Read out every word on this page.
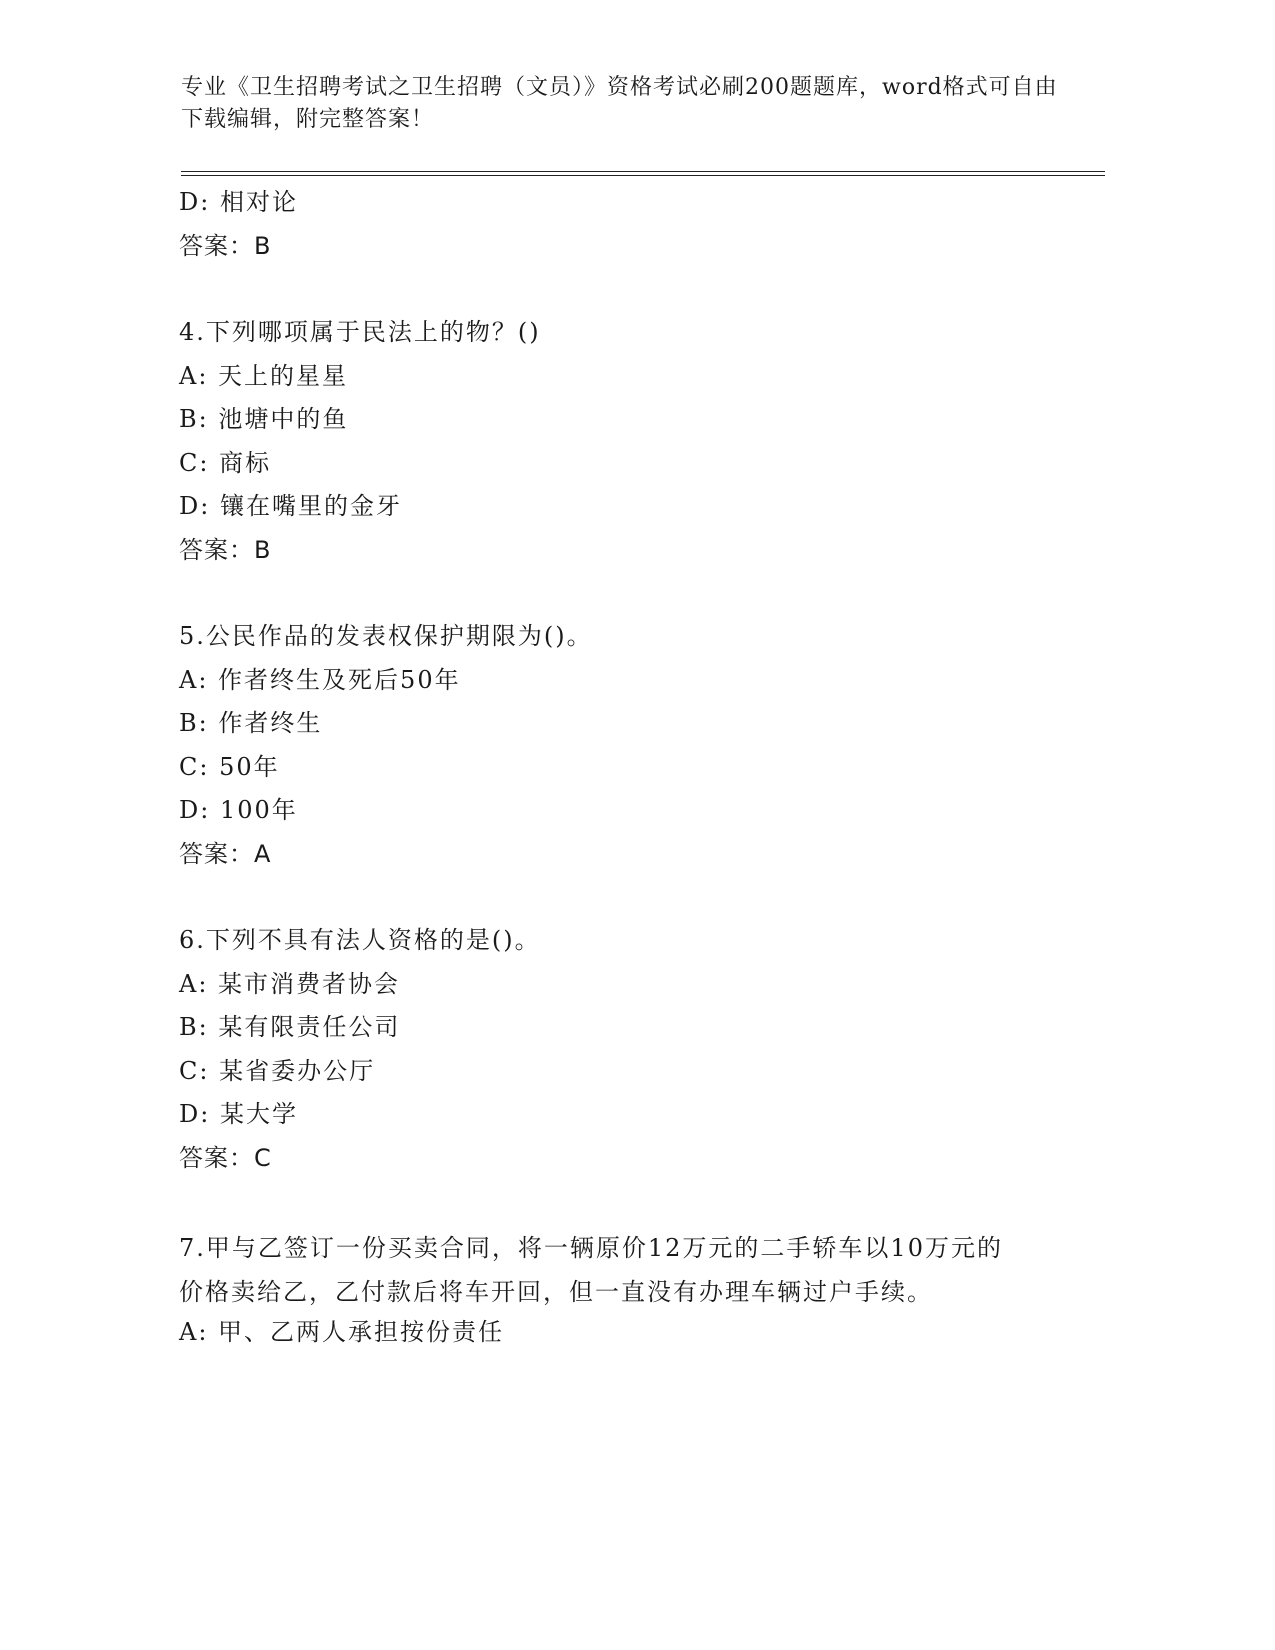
专业《卫生招聘考试之卫生招聘（文员）》资格考试必刷200题题库，word格式可自由下载编辑，附完整答案！
D: 相对论
答案：B
4.下列哪项属于民法上的物？()
A: 天上的星星
B: 池塘中的鱼
C: 商标
D: 镶在嘴里的金牙
答案：B
5.公民作品的发表权保护期限为()。
A: 作者终生及死后50年
B: 作者终生
C: 50年
D: 100年
答案：A
6.下列不具有法人资格的是()。
A: 某市消费者协会
B: 某有限责任公司
C: 某省委办公厅
D: 某大学
答案：C
7.甲与乙签订一份买卖合同，将一辆原价12万元的二手轿车以10万元的价格卖给乙，乙付款后将车开回，但一直没有办理车辆过户手续。
A: 甲、乙两人承担按份责任
